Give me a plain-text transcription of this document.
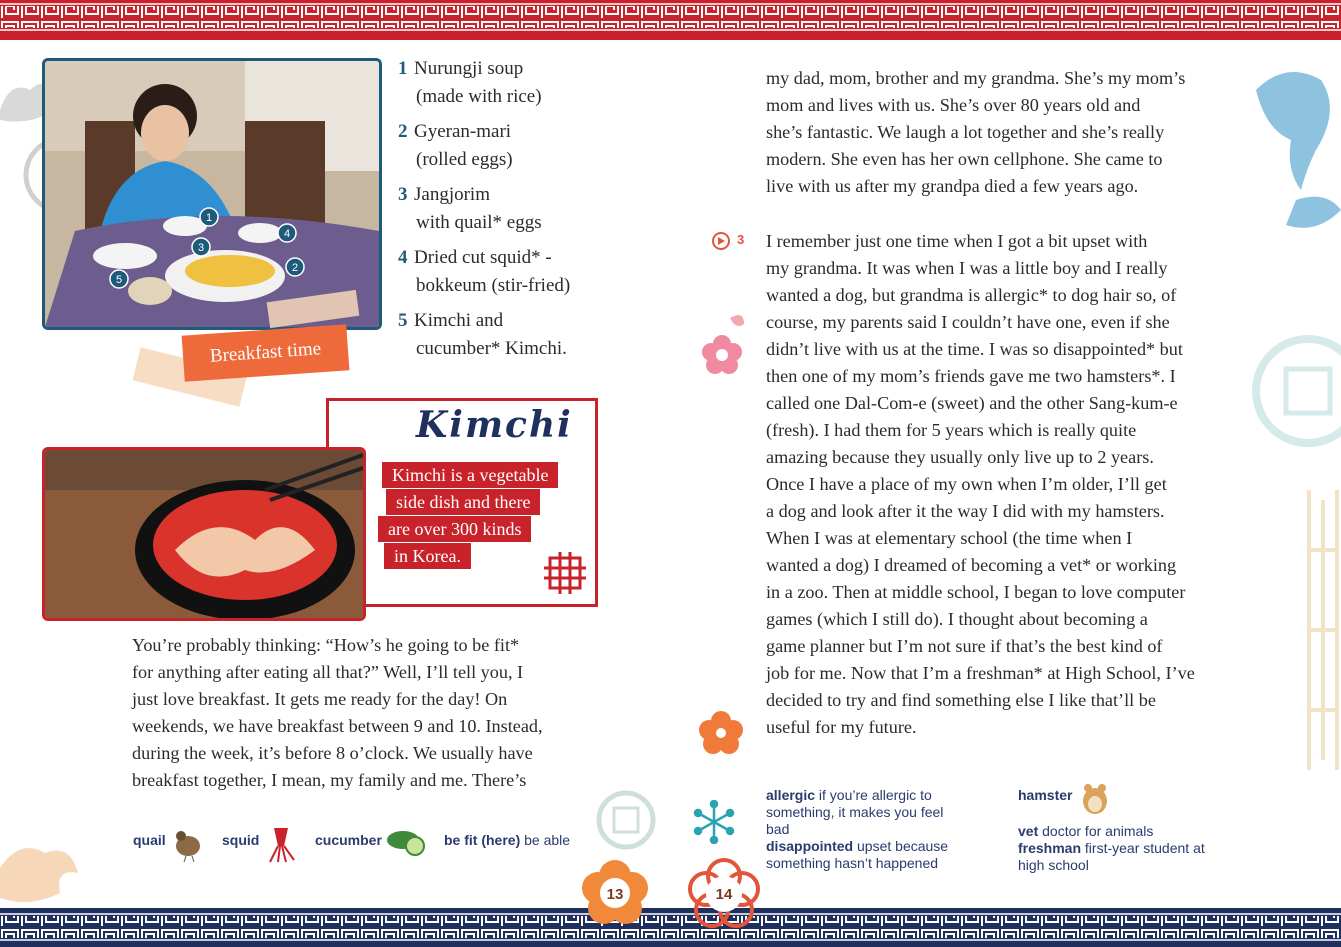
1
2
3
4
5
Breakfast time
1 Nurungji soup
(made with rice)
2 Gyeran-mari
(rolled eggs)
3 Jangjorim
with quail* eggs
4 Dried cut squid* -
bokkeum (stir-fried)
5 Kimchi and
cucumber* Kimchi.
Kimchi
Kimchi is a vegetable
side dish and there
are over 300 kinds
in Korea.
You’re probably thinking: “How’s he going to be fit*
for anything after eating all that?” Well, I’ll tell you, I
just love breakfast. It gets me ready for the day! On
weekends, we have breakfast between 9 and 10. Instead,
during the week, it’s before 8 o’clock. We usually have
breakfast together, I mean, my family and me. There’s
quail	squid	cucumber	be fit (here) be able
13	14
my dad, mom, brother and my grandma. She’s my mom’s
mom and lives with us. She’s over 80 years old and
she’s fantastic. We laugh a lot together and she’s really
modern. She even has her own cellphone. She came to
live with us after my grandpa died a few years ago.
3 I remember just one time when I got a bit upset with
my grandma. It was when I was a little boy and I really
wanted a dog, but grandma is allergic* to dog hair so, of
course, my parents said I couldn’t have one, even if she
didn’t live with us at the time. I was so disappointed* but
then one of my mom’s friends gave me two hamsters*. I
called one Dal-Com-e (sweet) and the other Sang-kum-e
(fresh). I had them for 5 years which is really quite
amazing because they usually only live up to 2 years.
Once I have a place of my own when I’m older, I’ll get
a dog and look after it the way I did with my hamsters.
When I was at elementary school (the time when I
wanted a dog) I dreamed of becoming a vet* or working
in a zoo. Then at middle school, I began to love computer
games (which I still do). I thought about becoming a
game planner but I’m not sure if that’s the best kind of
job for me. Now that I’m a freshman* at High School, I’ve
decided to try and find something else I like that’ll be
useful for my future.
allergic if you’re allergic to
something, it makes you feel
bad
disappointed upset because
something hasn’t happened
hamster
vet doctor for animals
freshman first-year student at
high school
